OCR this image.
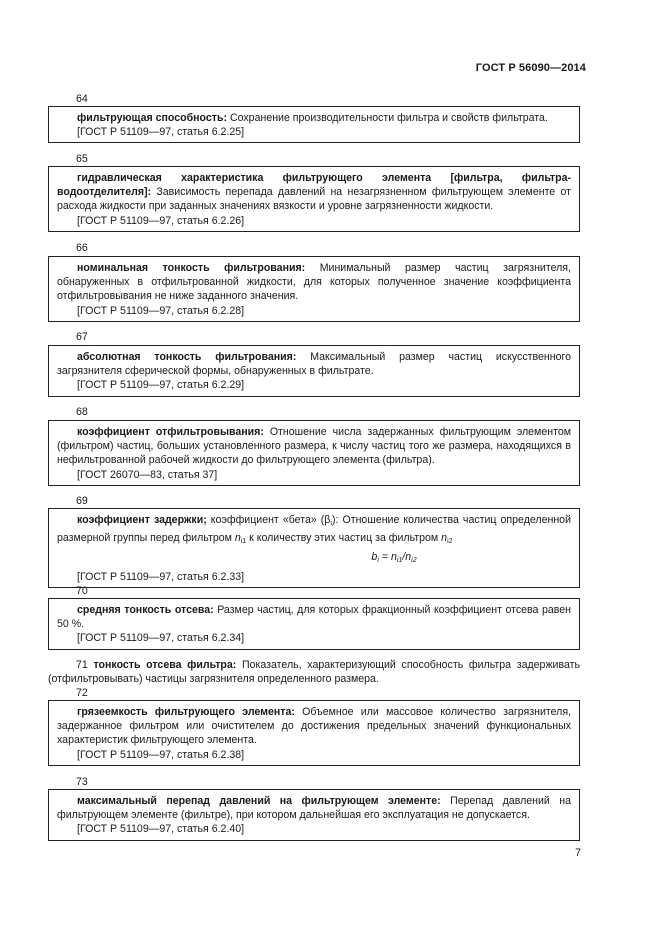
ГОСТ Р 56090—2014
64

фильтрующая способность: Сохранение производительности фильтра и свойств фильтрата.

[ГОСТ Р 51109—97, статья 6.2.25]

65

гидравлическая характеристика фильтрующего элемента [фильтра, фильтра-водоотделителя]: Зависимость перепада давлений на незагрязненном фильтрующем элементе от расхода жидкости при заданных значениях вязкости и уровне загрязненности жидкости.

[ГОСТ Р 51109—97, статья 6.2.26]

66

номинальная тонкость фильтрования: Минимальный размер частиц загрязнителя, обнаруженных в отфильтрованной жидкости, для которых полученное значение коэффициента отфильтровывания не ниже заданного значения.

[ГОСТ Р 51109—97, статья 6.2.28]

67

абсолютная тонкость фильтрования: Максимальный размер частиц искусственного загрязнителя сферической формы, обнаруженных в фильтрате.

[ГОСТ Р 51109—97, статья 6.2.29]

68

коэффициент отфильтровывания: Отношение числа задержанных фильтрующим элементом (фильтром) частиц, больших установленного размера, к числу частиц того же размера, находящихся в нефильтрованной рабочей жидкости до фильтрующего элемента (фильтра).

[ГОСТ 26070—83, статья 37]

69

коэффициент задержки; коэффициент «бета» $(\beta_i)$: Отношение количества частиц определенной размерной группы перед фильтром $n_{i1}$ к количеству этих частиц за фильтром $n_{i2}$

$b_i = n_{i1}/n_{i2}$

[ГОСТ Р 51109—97, статья 6.2.33]

70

средняя тонкость отсева: Размер частиц, для которых фракционный коэффициент отсева равен 50 %.

[ГОСТ Р 51109—97, статья 6.2.34]

71 тонкость отсева фильтра: Показатель, характеризующий способность фильтра задерживать (отфильтровывать) частицы загрязнителя определенного размера.
72

грязеемкость фильтрующего элемента: Объемное или массовое количество загрязнителя, задержанное фильтром или очистителем до достижения предельных значений функциональных характеристик фильтрующего элемента.

[ГОСТ Р 51109—97, статья 6.2.38]

73

максимальный перепад давлений на фильтрующем элементе: Перепад давлений на фильтрующем элементе (фильтре), при котором дальнейшая его эксплуатация не допускается.

[ГОСТ Р 51109—97, статья 6.2.40]

7
